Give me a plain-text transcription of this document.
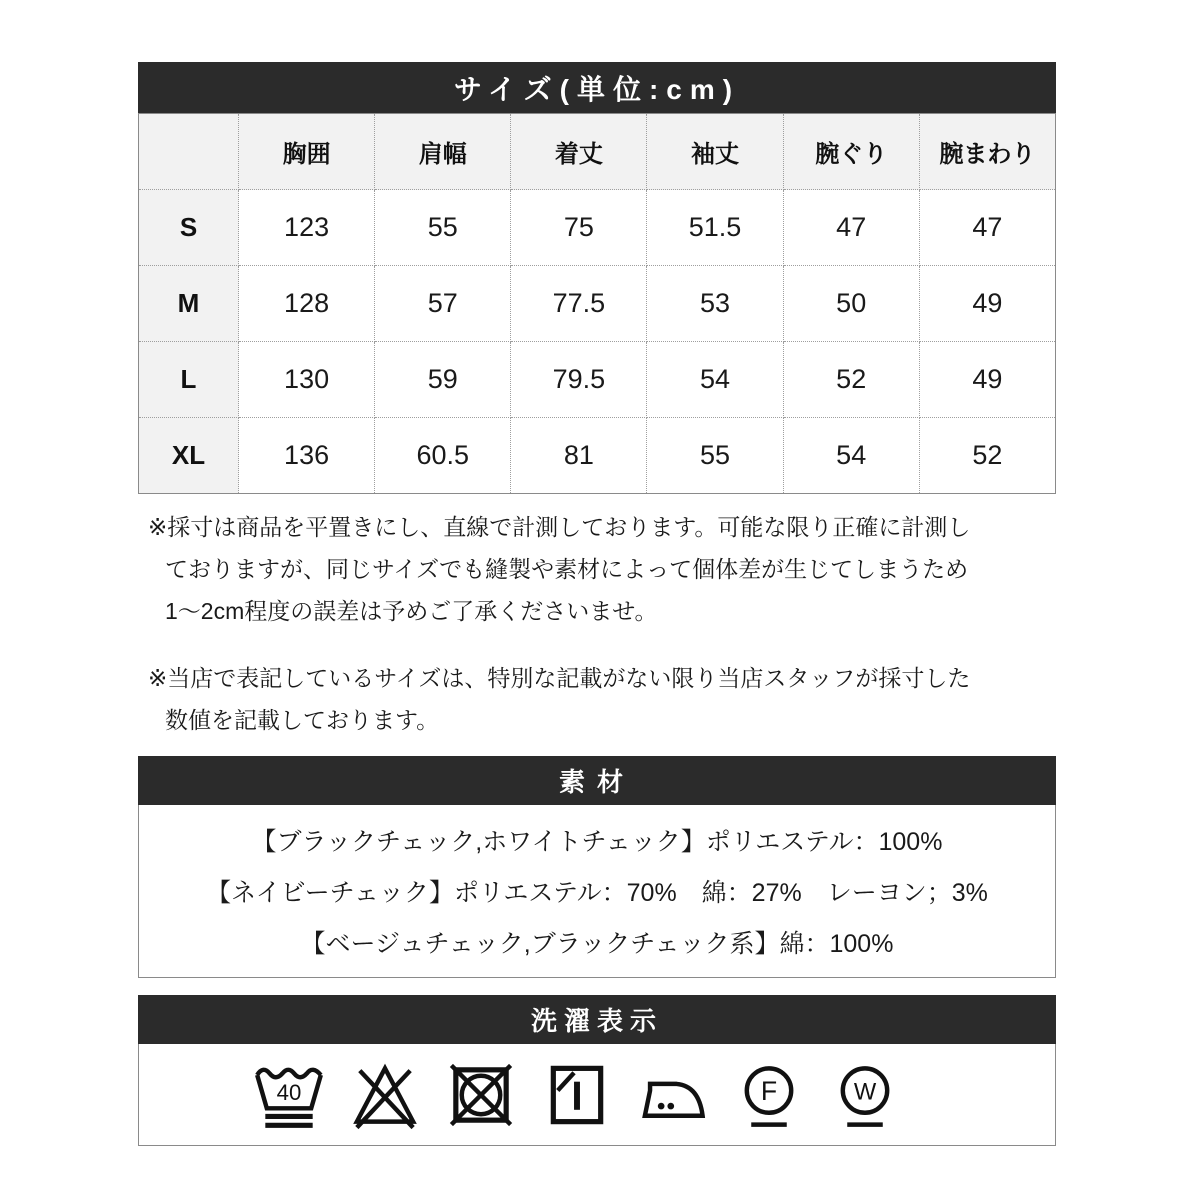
サイズ(単位:cm)
	胸囲	肩幅	着丈	袖丈	腕ぐり	腕まわり
S	123	55	75	51.5	47	47
M	128	57	77.5	53	50	49
L	130	59	79.5	54	52	49
XL	136	60.5	81	55	54	52
※採寸は商品を平置きにし、直線で計測しております。可能な限り正確に計測し
ておりますが、同じサイズでも縫製や素材によって個体差が生じてしまうため
1〜2cm程度の誤差は予めご了承くださいませ。
※当店で表記しているサイズは、特別な記載がない限り当店スタッフが採寸した
数値を記載しております。
素材
【ブラックチェック,ホワイトチェック】ポリエステル：100%
【ネイビーチェック】ポリエステル：70%　綿：27%　レーヨン；3%
【ベージュチェック,ブラックチェック系】綿：100%
洗濯表示
40	F W
